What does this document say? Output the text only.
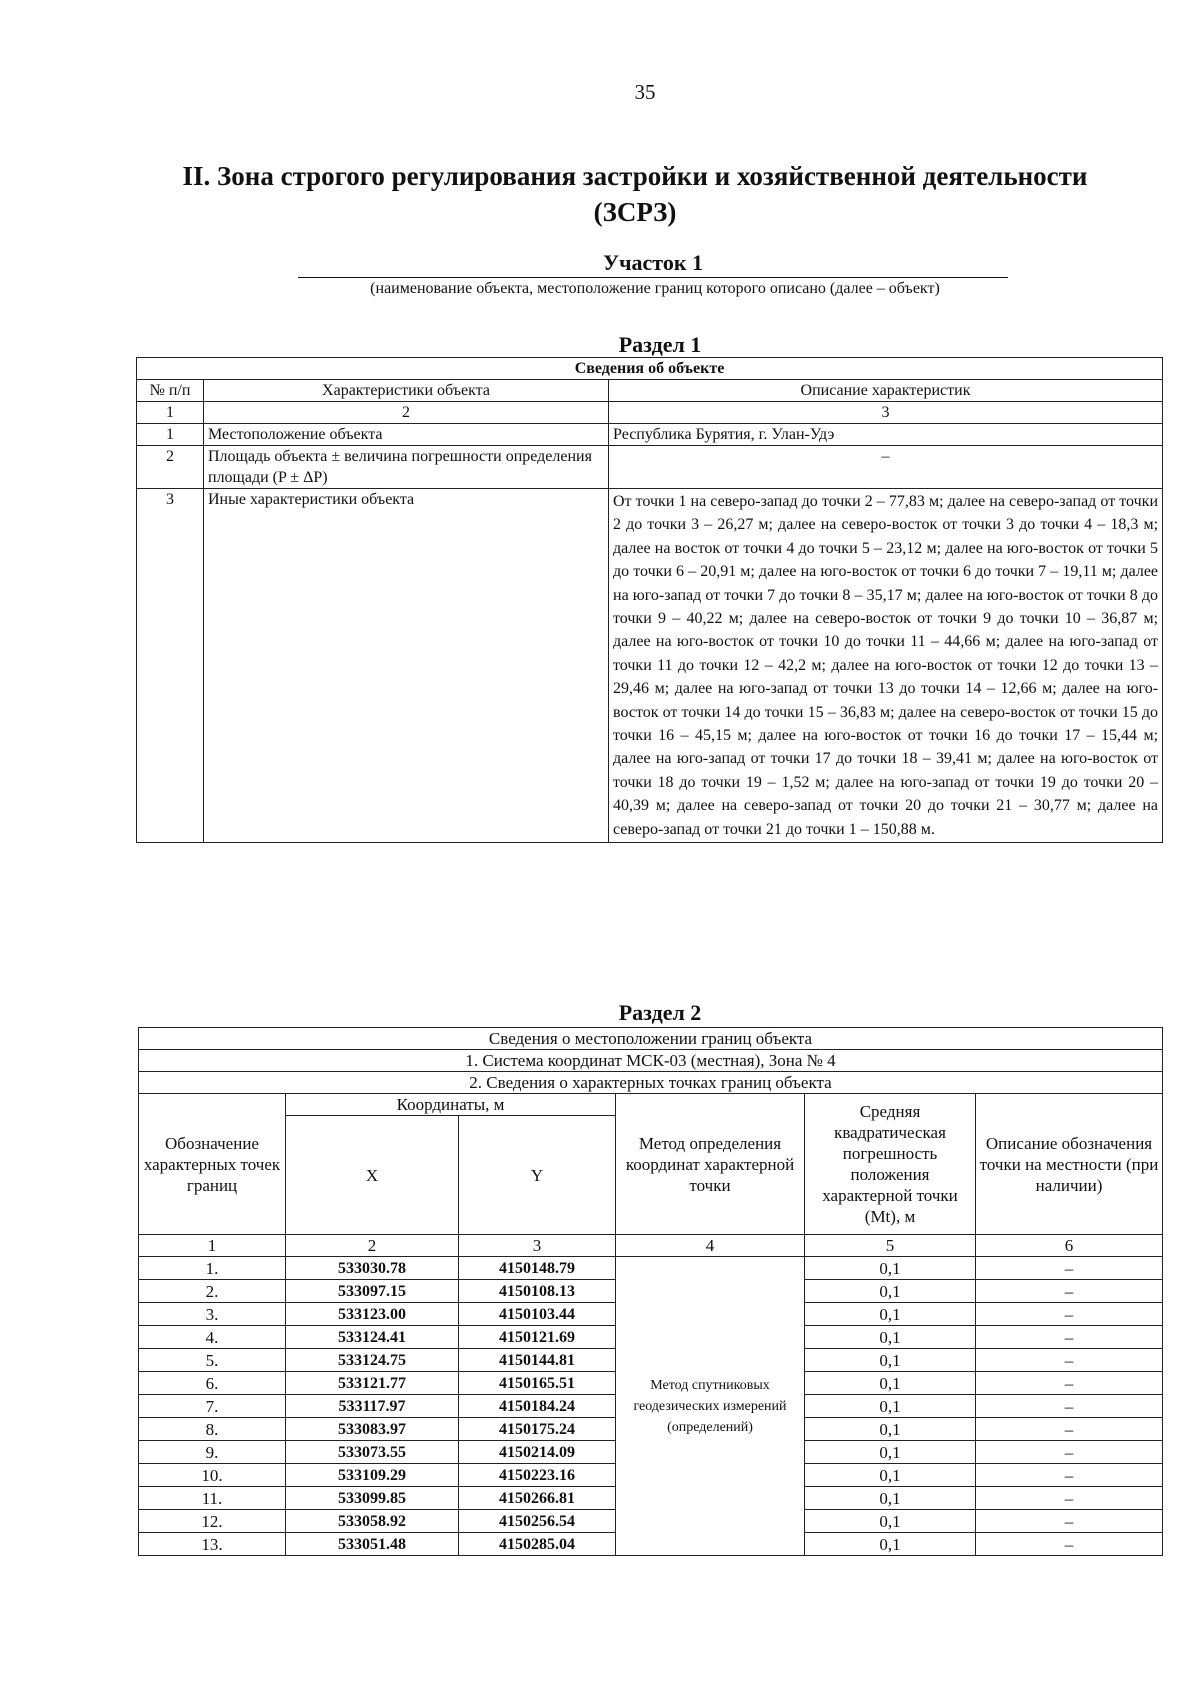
35
II. Зона строгого регулирования застройки и хозяйственной деятельности
(ЗСРЗ)
Участок 1
(наименование объекта, местоположение границ которого описано (далее – объект)
Раздел 1
Сведения об объекте		
№ п/п	Характеристики объекта	Описание характеристик
1	2	3
1	Местоположение объекта	Республика Бурятия, г. Улан-Удэ
2	Площадь объекта ± величина погрешности определения площади (P ± ΔP)	–
3	Иные характеристики объекта	От точки 1 на северо-запад до точки 2 – 77,83 м; далее на северо-запад от точки 2 до точки 3 – 26,27 м; далее на северо-восток от точки 3 до точки 4 – 18,3 м; далее на восток от точки 4 до точки 5 – 23,12 м; далее на юго-восток от точки 5 до точки 6 – 20,91 м; далее на юго-восток от точки 6 до точки 7 – 19,11 м; далее на юго-запад от точки 7 до точки 8 – 35,17 м; далее на юго-восток от точки 8 до точки 9 – 40,22 м; далее на северо-восток от точки 9 до точки 10 – 36,87 м; далее на юго-восток от точки 10 до точки 11 – 44,66 м; далее на юго-запад от точки 11 до точки 12 – 42,2 м; далее на юго-восток от точки 12 до точки 13 – 29,46 м; далее на юго-запад от точки 13 до точки 14 – 12,66 м; далее на юго-восток от точки 14 до точки 15 – 36,83 м; далее на северо-восток от точки 15 до точки 16 – 45,15 м; далее на юго-восток от точки 16 до точки 17 – 15,44 м; далее на юго-запад от точки 17 до точки 18 – 39,41 м; далее на юго-восток от точки 18 до точки 19 – 1,52 м; далее на юго-запад от точки 19 до точки 20 – 40,39 м; далее на северо-запад от точки 20 до точки 21 – 30,77 м; далее на северо-запад от точки 21 до точки 1 – 150,88 м.
Раздел 2
Сведения о местоположении границ объекта					
1. Система координат МСК-03 (местная), Зона № 4					
2. Сведения о характерных точках границ объекта					
Обозначение характерных точек границ	Координаты, м		Метод определения координат характерной точки	Средняя квадратическая погрешность положения характерной точки (Mt), м	Описание обозначения точки на местности (при наличии)
	X	Y			
1	2	3	4	5	6
1.	533030.78	4150148.79	Метод спутниковых геодезических измерений (определений)	0,1	–
2.	533097.15	4150108.13		0,1	–
3.	533123.00	4150103.44		0,1	–
4.	533124.41	4150121.69		0,1	–
5.	533124.75	4150144.81		0,1	–
6.	533121.77	4150165.51		0,1	–
7.	533117.97	4150184.24		0,1	–
8.	533083.97	4150175.24		0,1	–
9.	533073.55	4150214.09		0,1	–
10.	533109.29	4150223.16		0,1	–
11.	533099.85	4150266.81		0,1	–
12.	533058.92	4150256.54		0,1	–
13.	533051.48	4150285.04		0,1	–
